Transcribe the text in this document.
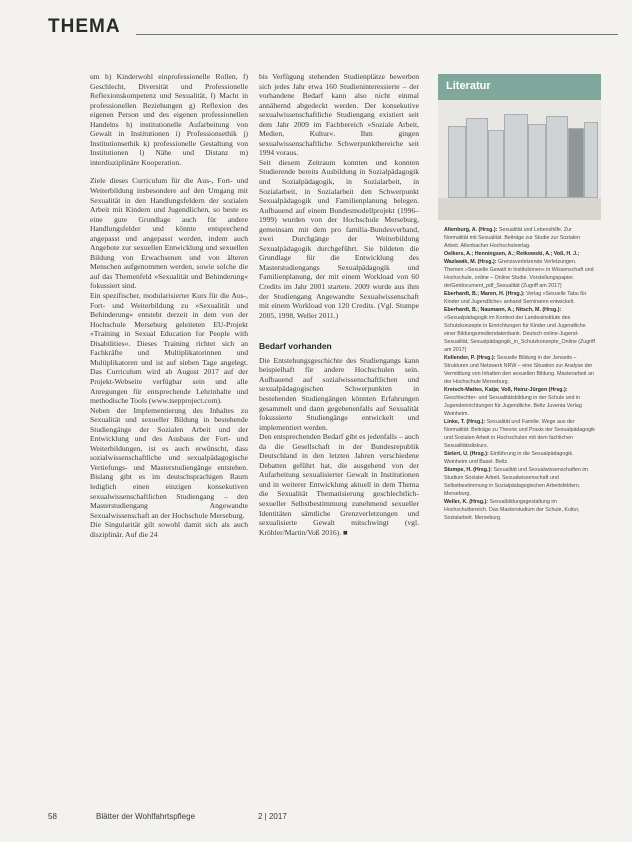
THEMA

um h) Kinderwohl einprofessionelle Rollen, f) Geschlecht, Diversität und Professionelle Reflexionskompetenz und Sexualität, f) Macht in professionellen Beziehungen g) Reflexion des eigenen Person und des eigenen professionellen Handelns h) institutionelle Aufarbeitung von Gewalt in Institutionen i) Professionsethik j) Institutionsethik k) professionelle Gestaltung von Institutionen l) Nähe und Distanz m) interdisziplinäre Kooperation.

Ziele dieses Curriculum für die Aus-, Fort- und Weiterbildung insbesondere auf den Umgang mit Sexualität in den Handlungsfeldern der sozialen Arbeit mit Kindern und Jugendlichen, so beste es eine gute Grundlage auch für andere Handlungsfelder und könnte entsprechend angepasst und angepasst werden, indem auch Angebote zur sexuellen Entwicklung und sexuellen Bildung von Erwachsenen und von älteren Menschen aufgenommen werden, sowie solche die auf das Themenfeld »Sexualität und Behinderung« fokussiert sind.

Ein spezifischer, modularisierter Kurs für die Aus-, Fort- und Weiterbildung zu »Sexualität und Behinderung« entsteht derzeit in dem von der Hochschule Merseburg geleiteten EU-Projekt »Training in Sexual Education for People with Disabilities«. Dieses Training richtet sich an Fachkräfte und Multiplikatorinnen und Multiplikatoren und ist auf sieben Tage angelegt. Das Curriculum wird ab August 2017 auf der Projekt-Webseite verfügbar sein und alle Anregungen für entsprechende Lehrinhalte und methodische Tools (www.tsepproject.com).

Neben der Implementierung des Inhaltes zu Sexualität und sexueller Bildung in bestehende Studiengänge der Sozialen Arbeit und der Entwicklung und des Ausbaus der Fort- und Weiterbildungen, ist es auch erwünscht, dass sozialwissenschaftliche und sexualpädagogische Vertiefungs- und Masterstudiengänge entstehen. Bislang gibt es im deutschsprachigen Raum lediglich einen einzigen konsekutiven sexualwissenschaftlichen Studiengang – den Masterstudiengang Angewandte Sexualwissenschaft an der Hochschule Merseburg.

Die Singularität gilt sowohl damit sich als auch disziplinär. Auf die 24

bis Verfügung stehenden Studienplätze bewerben sich jedes Jahr etwa 160 Studieninteressierte – der vorhandene Bedarf kann also nicht einmal annähernd abgedeckt werden. Der konsekutive sexualwissenschaftliche Studiengang existiert seit dem Jahr 2009 im Fachbereich »Soziale Arbeit, Medien, Kultur«. Ihm gingen sexualwissenschaftliche Schwerpunktbereiche seit 1994 voraus.

Seit diesem Zeitraum konnten und konnten Studierende bereits Ausbildung in Sozialpädagogik und Sozialpädagogik, in Sozialarbeit, in Sozialarbeit, in Sozialarbeit den Schwerpunkt Sexualpädagogik und Familienplanung belegen. Aufbauend auf einem Bundesmodellprojekt (1996–1999) wurden von der Hochschule Merseburg, gemeinsam mit dem pro familia-Bundesverband, zwei Durchgänge der Weiterbildung Sexualpädagogik durchgeführt. Sie bildeten die Grundlage für die Entwicklung des Masterstudiengangs Sexualpädagogik und Familienplanung, der mit einem Workload von 60 Credits im Jahr 2001 startete. 2009 wurde aus ihm der Studiengang Angewandte Sexualwissenschaft mit einem Workload von 120 Credits. (Vgl. Stumpe 2005, 1998, Weller 2011.)

Bedarf vorhanden

Die Entstehungsgeschichte des Studiengangs kann beispielhaft für andere Hochschulen sein. Aufbauend auf sozialwissenschaftlichen und sexualpädagogischen Schwerpunkten in bestehenden Studiengängen könnten Erfahrungen gesammelt und dann gegebenenfalls auf Sexualität fokussierte Studiengänge entwickelt und implementiert werden.

Den entsprechenden Bedarf gibt es jedenfalls – auch da die Gesellschaft in der Bundesrepublik Deutschland in den letzten Jahren verschiedene Debatten geführt hat, die ausgehend von der Aufarbeitung sexualisierter Gewalt in Institutionen und in weiterer Entwicklung aktuell in dem Thema die Sexualität Thematisierung geschlechtlich-sexueller Selbstbestimmung zunehmend sexueller Identitäten sämtliche Grenzverletzungen und sexualisierte Gewalt mitschwingt (vgl. Kröhler/Martin/Voß 2016). ■

Literatur

Altenburg, A. (Hrsg.): Sexualität und Lebenshilfe. Zur Normalität mit Sexualität. Beiträge zur Studie zur Sozialen Arbeit. Allenbacher Hochschulverlag.

Oelkers, A.; Henningsen, A.; Retkowski, A.; Voß, H. J.; Wazlawik, M. (Hrsg.): Grenzsverletzende Verletzungen. Themen »Sexuelle Gewalt in Institutionen« in Wissenschaft und Hochschule, online – Online Studie. Vorstellungspapier. de/Getdocument_pdf_Sexualität (Zugriff am 2017)

Eberhardt, B.; Maren, H. (Hrsg.): Verlag »Sexuelle Tabu für Kinder und Jugendliche« anhand Seminaren entwickelt.

Eberhardt, B.; Naumann, A.; Nitsch, M. (Hrsg.): »Sexualpädagogik im Kontext der Landesinstitute des Schutzkonzepte in Einrichtungen für Kinder und Jugendliche einer Bildungsmediendatenbank. Deutsch online-Jugend-Sexualität, Sexualpädagogik_in_Schutzkonzepte_Online (Zugriff am 2017)

Kellender, P. (Hrsg.): Sexuelle Bildung in der Jenseits – Strukturen und Netzwerk NRW – eine Situation zur Analyse der Vermittlung von Inhalten den sexuellen Bildung. Masterarbeit an der Hochschule Merseburg.

Kreisch-Mattes, Katja; Voß, Heinz-Jürgen (Hrsg.): Geschlechter- und Sexualitätsbildung in der Schule und in Jugendeinrichtungen für Jugendliche. Beltz Juventa Verlag Weinheim.

Linke, T. (Hrsg.): Sexualität und Familie. Wege aus der Normalität: Beiträge zu Theorie und Praxis der Sexualpädagogik und Sozialen Arbeit in Hochschulen mit dem fachlichen Sexualitätsdiskurs.

Sielert, U. (Hrsg.): Einführung in die Sexualpädagogik. Weinheim und Basel. Beltz.

Stumpe, H. (Hrsg.): Sexualität und Sexualwissenschaften im Studium Sozialer Arbeit. Sexualwissenschaft und Selbstbestimmung in Sozialpädagogischen Arbeitsfeldern. Merseburg.

Weller, K. (Hrsg.): Sexualbildungsgestaltung im Hochschulbereich. Das Masterstudium der Schule, Kultur, Sozialarbeit. Merseburg.

58	Blätter der Wohlfahrtspflege	2 | 2017
